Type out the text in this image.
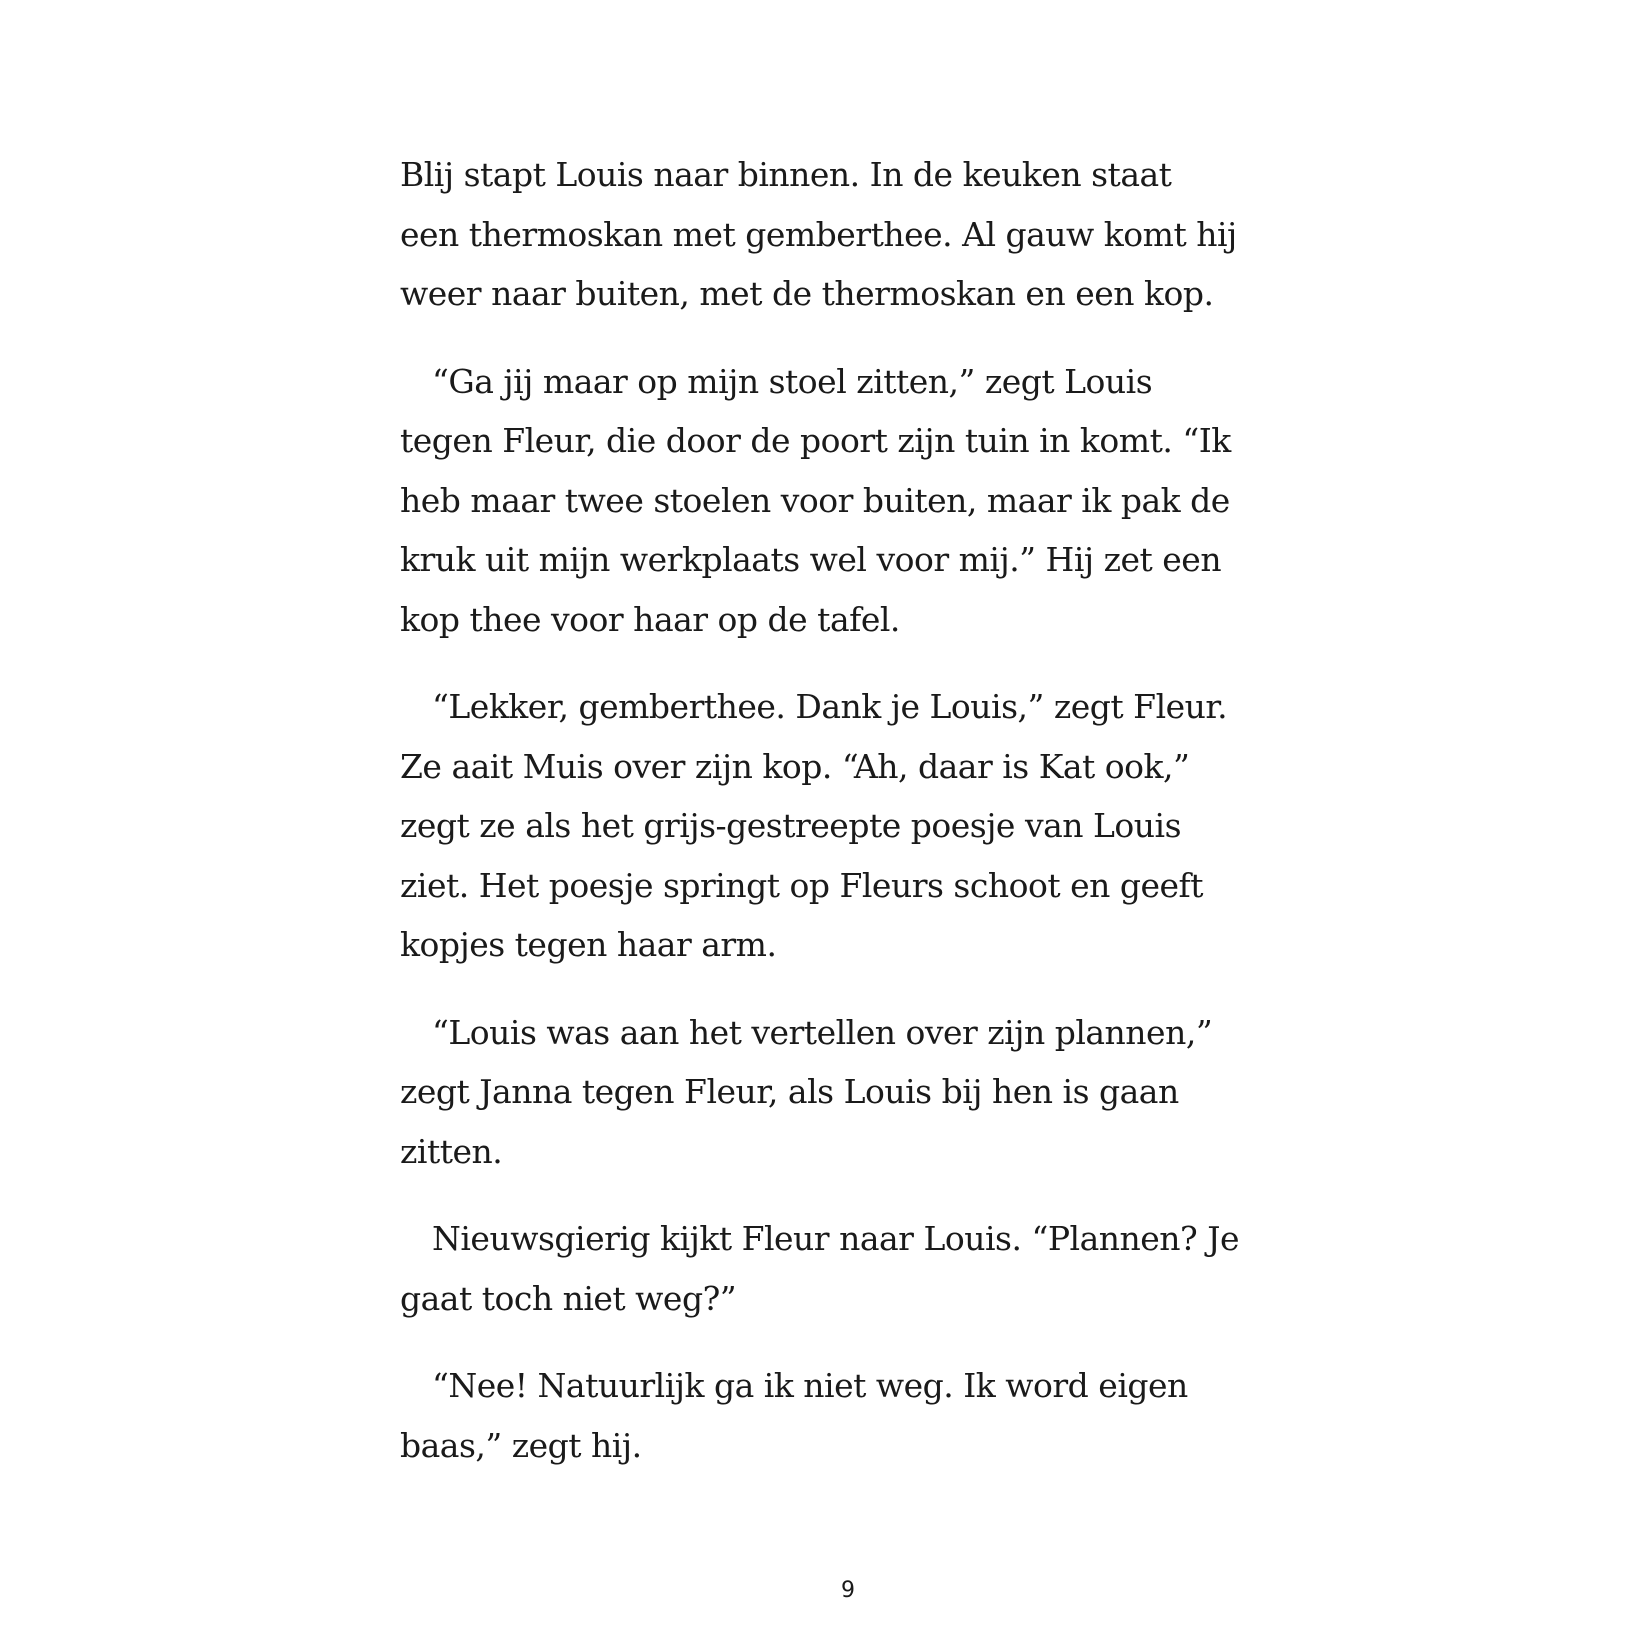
Blij stapt Louis naar binnen. In de keuken staat
een thermoskan met gemberthee. Al gauw komt hij
weer naar buiten, met de thermoskan en een kop.
“Ga jij maar op mijn stoel zitten,” zegt Louis
tegen Fleur, die door de poort zijn tuin in komt. “Ik
heb maar twee stoelen voor buiten, maar ik pak de
kruk uit mijn werkplaats wel voor mij.” Hij zet een
kop thee voor haar op de tafel.
“Lekker, gemberthee. Dank je Louis,” zegt Fleur.
Ze aait Muis over zijn kop. “Ah, daar is Kat ook,”
zegt ze als het grijs-gestreepte poesje van Louis
ziet. Het poesje springt op Fleurs schoot en geeft
kopjes tegen haar arm.
“Louis was aan het vertellen over zijn plannen,”
zegt Janna tegen Fleur, als Louis bij hen is gaan
zitten.
Nieuwsgierig kijkt Fleur naar Louis. “Plannen? Je
gaat toch niet weg?”
“Nee! Natuurlijk ga ik niet weg. Ik word eigen
baas,” zegt hij.
9
